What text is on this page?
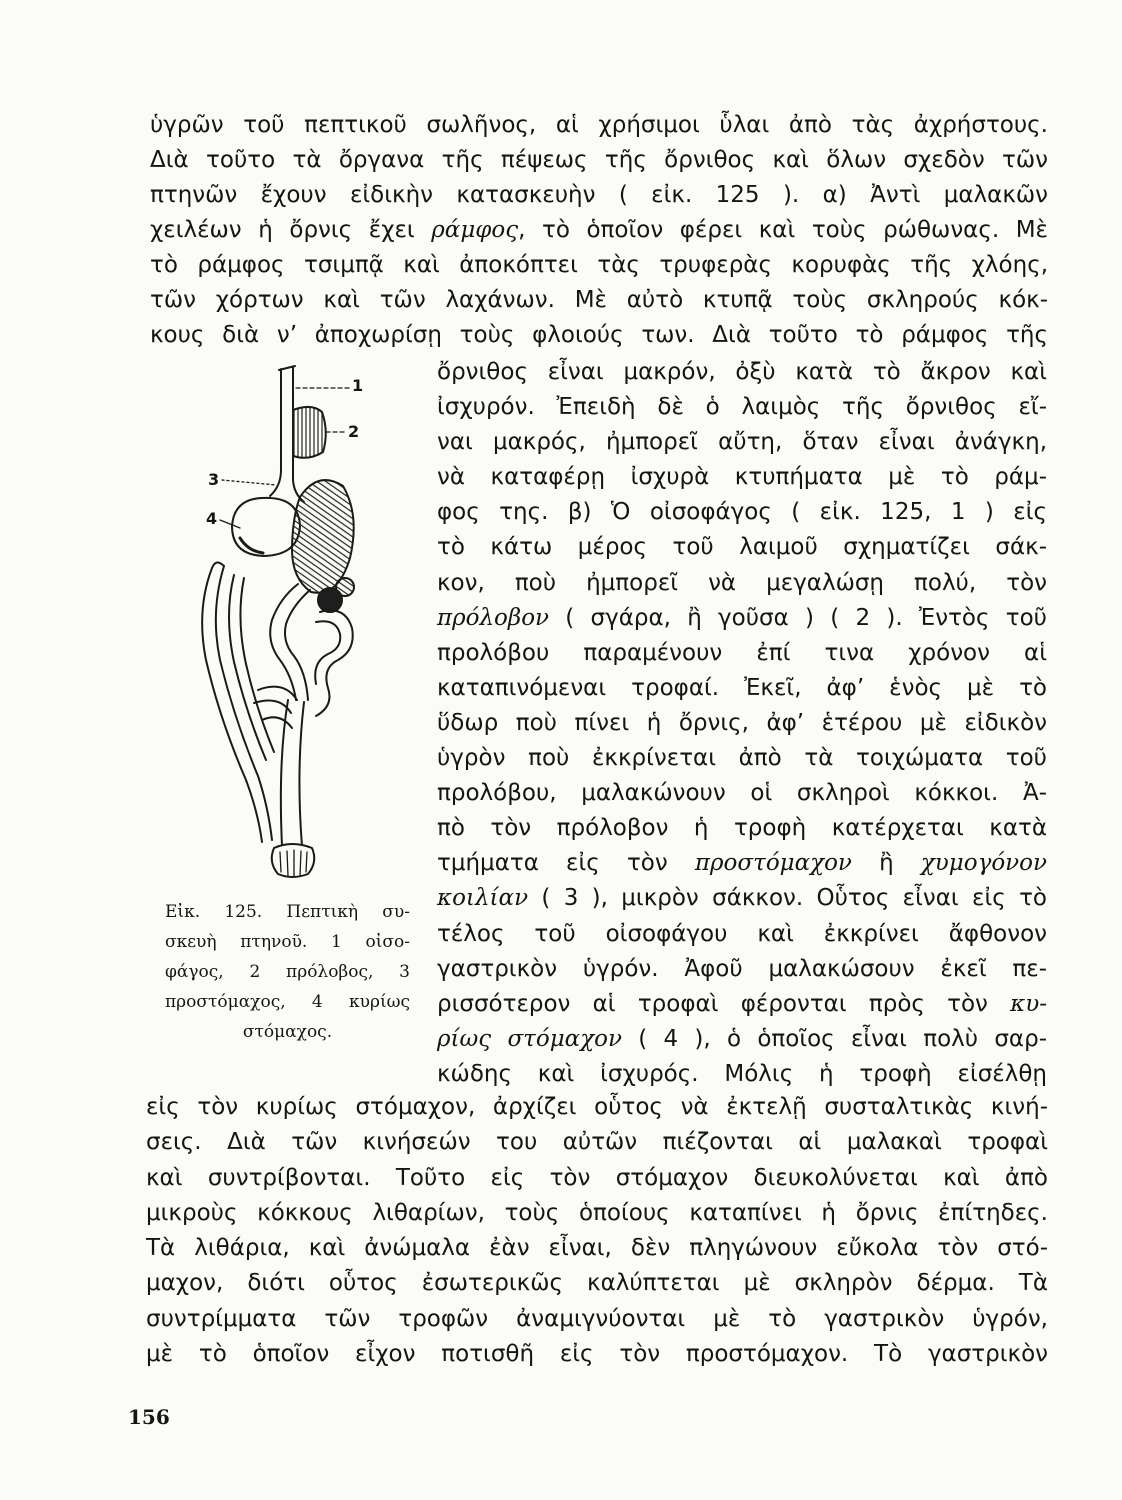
ὑγρῶν τοῦ πεπτικοῦ σωλῆνος, αἱ χρήσιμοι ὗλαι ἀπὸ τὰς ἀχρήστους.
Διὰ τοῦτο τὰ ὄργανα τῆς πέψεως τῆς ὄρνιθος καὶ ὅλων σχεδὸν τῶν
πτηνῶν ἔχουν εἰδικὴν κατασκευὴν ( εἰκ. 125 ). α) Ἀντὶ μαλακῶν
χειλέων ἡ ὄρνις ἔχει ράμφος, τὸ ὁποῖον φέρει καὶ τοὺς ρώθωνας. Μὲ
τὸ ράμφος τσιμπᾷ καὶ ἀποκόπτει τὰς τρυφερὰς κορυφὰς τῆς χλόης,
τῶν χόρτων καὶ τῶν λαχάνων. Μὲ αὐτὸ κτυπᾷ τοὺς σκληρούς κόκ-
κους διὰ ν’ ἀποχωρίσῃ τοὺς φλοιούς των. Διὰ τοῦτο τὸ ράμφος τῆς
1
2
3
4
ὄρνιθος εἶναι μακρόν, ὀξὺ κατὰ τὸ ἄκρον καὶ
ἰσχυρόν. Ἐπειδὴ δὲ ὁ λαιμὸς τῆς ὄρνιθος εἴ-
ναι μακρός, ἠμπορεῖ αὔτη, ὅταν εἶναι ἀνάγκη,
νὰ καταφέρῃ ἰσχυρὰ κτυπήματα μὲ τὸ ράμ-
φος της. β) Ὁ οἰσοφάγος ( εἰκ. 125, 1 ) εἰς
τὸ κάτω μέρος τοῦ λαιμοῦ σχηματίζει σάκ-
κον, ποὺ ἠμπορεῖ νὰ μεγαλώσῃ πολύ, τὸν
πρόλοβον ( σγάρα, ἢ γοῦσα ) ( 2 ). Ἐντὸς τοῦ
προλόβου παραμένουν ἐπί τινα χρόνον αἱ
καταπινόμεναι τροφαί. Ἐκεῖ, ἀφ’ ἑνὸς μὲ τὸ
ὕδωρ ποὺ πίνει ἡ ὄρνις, ἀφ’ ἑτέρου μὲ εἰδικὸν
ὑγρὸν ποὺ ἐκκρίνεται ἀπὸ τὰ τοιχώματα τοῦ
προλόβου, μαλακώνουν οἱ σκληροὶ κόκκοι. Ἀ-
πὸ τὸν πρόλοβον ἡ τροφὴ κατέρχεται κατὰ
τμήματα εἰς τὸν προστόμαχον ἢ χυμογόνον
κοιλίαν ( 3 ), μικρὸν σάκκον. Οὗτος εἶναι εἰς τὸ
τέλος τοῦ οἰσοφάγου καὶ ἐκκρίνει ἄφθονον
γαστρικὸν ὑγρόν. Ἀφοῦ μαλακώσουν ἐκεῖ πε-
ρισσότερον αἱ τροφαὶ φέρονται πρὸς τὸν κυ-
ρίως στόμαχον ( 4 ), ὁ ὁποῖος εἶναι πολὺ σαρ-
κώδης καὶ ἰσχυρός. Μόλις ἡ τροφὴ εἰσέλθῃ
Εἰκ. 125. Πεπτικὴ συ-
σκευὴ πτηνοῦ. 1 οἰσο-
φάγος, 2 πρόλοβος, 3
προστόμαχος, 4 κυρίως
στόμαχος.
εἰς τὸν κυρίως στόμαχον, ἀρχίζει οὗτος νὰ ἐκτελῇ συσταλτικὰς κινή-
σεις. Διὰ τῶν κινήσεών του αὐτῶν πιέζονται αἱ μαλακαὶ τροφαὶ
καὶ συντρίβονται. Τοῦτο εἰς τὸν στόμαχον διευκολύνεται καὶ ἀπὸ
μικροὺς κόκκους λιθαρίων, τοὺς ὁποίους καταπίνει ἡ ὄρνις ἐπίτηδες.
Τὰ λιθάρια, καὶ ἀνώμαλα ἐὰν εἶναι, δὲν πληγώνουν εὔκολα τὸν στό-
μαχον, διότι οὗτος ἐσωτερικῶς καλύπτεται μὲ σκληρὸν δέρμα. Τὰ
συντρίμματα τῶν τροφῶν ἀναμιγνύονται μὲ τὸ γαστρικὸν ὑγρόν,
μὲ τὸ ὁποῖον εἶχον ποτισθῆ εἰς τὸν προστόμαχον. Τὸ γαστρικὸν
156
